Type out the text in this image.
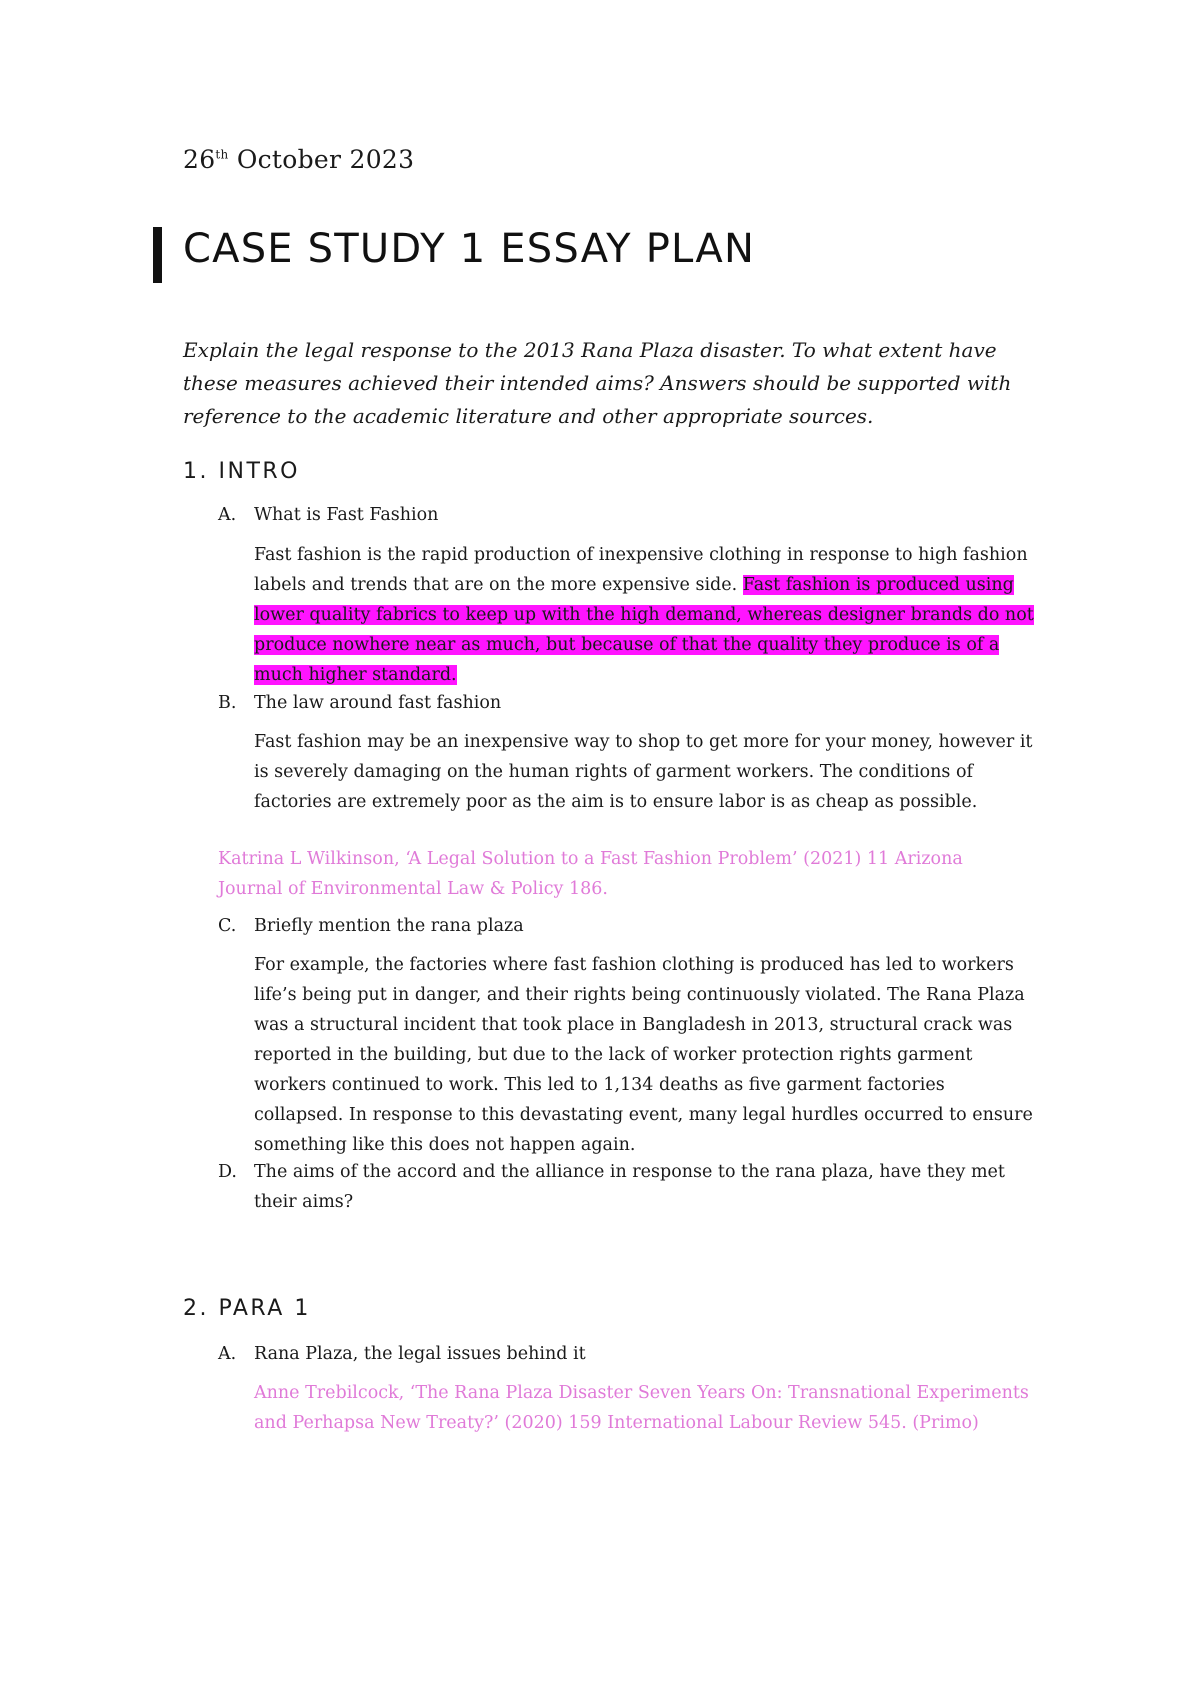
26th October 2023
CASE STUDY 1 ESSAY PLAN

Explain the legal response to the 2013 Rana Plaza disaster. To what extent have these measures achieved their intended aims? Answers should be supported with reference to the academic literature and other appropriate sources.

1. INTRO
A. What is Fast Fashion

Fast fashion is the rapid production of inexpensive clothing in response to high fashion labels and trends that are on the more expensive side. Fast fashion is produced using lower quality fabrics to keep up with the high demand, whereas designer brands do not produce nowhere near as much, but because of that the quality they produce is of a much higher standard.

B. The law around fast fashion

Fast fashion may be an inexpensive way to shop to get more for your money, however it is severely damaging on the human rights of garment workers. The conditions of factories are extremely poor as the aim is to ensure labor is as cheap as possible.

Katrina L Wilkinson, ‘A Legal Solution to a Fast Fashion Problem’ (2021) 11 Arizona Journal of Environmental Law & Policy 186.

C. Briefly mention the rana plaza

For example, the factories where fast fashion clothing is produced has led to workers life’s being put in danger, and their rights being continuously violated. The Rana Plaza was a structural incident that took place in Bangladesh in 2013, structural crack was reported in the building, but due to the lack of worker protection rights garment workers continued to work. This led to 1,134 deaths as five garment factories collapsed. In response to this devastating event, many legal hurdles occurred to ensure something like this does not happen again.

D. The aims of the accord and the alliance in response to the rana plaza, have they met their aims?
2. PARA 1
A. Rana Plaza, the legal issues behind it

Anne Trebilcock, ‘The Rana Plaza Disaster Seven Years On: Transnational Experiments and Perhapsa New Treaty?’ (2020) 159 International Labour Review 545. (Primo)
